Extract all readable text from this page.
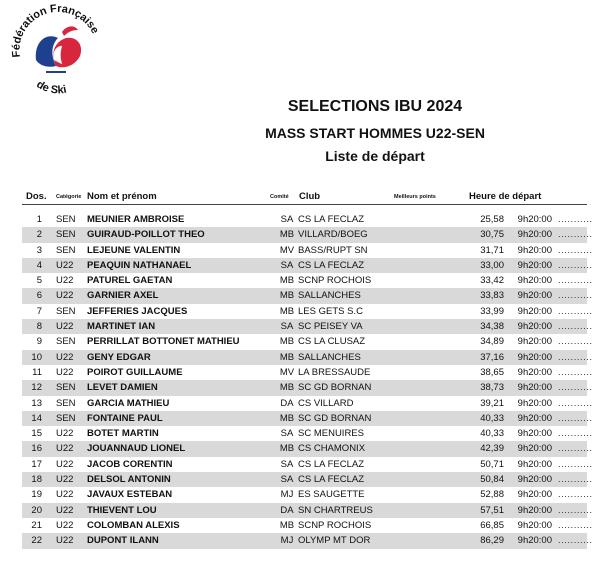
Fédération Française
de Ski
SELECTIONS IBU 2024
MASS START HOMMES U22-SEN
Liste de départ
Dos. Catégorie Nom et prénom	Comité Club	Meilleurs points	Heure de départ
1 SEN MEUNIER AMBROISE	SA CS LA FECLAZ	25,58	9h20:00 ...........
2 SEN GUIRAUD-POILLOT THEO	MB VILLARD/BOEG	30,75	9h20:00 ...........
3 SEN LEJEUNE VALENTIN	MV BASS/RUPT SN	31,71	9h20:00 ...........
4 U22 PEAQUIN NATHANAEL	SA CS LA FECLAZ	33,00	9h20:00 ...........
5 U22 PATUREL GAETAN	MB SCNP ROCHOIS	33,42	9h20:00 ...........
6 U22 GARNIER AXEL	MB SALLANCHES	33,83	9h20:00 ...........
7 SEN JEFFERIES JACQUES	MB LES GETS S.C	33,99	9h20:00 ...........
8 U22 MARTINET IAN	SA SC PEISEY VA	34,38	9h20:00 ...........
9 SEN PERRILLAT BOTTONET MATHIEU	MB CS LA CLUSAZ	34,89	9h20:00 ...........
10 U22 GENY EDGAR	MB SALLANCHES	37,16	9h20:00 ...........
11 U22 POIROT GUILLAUME	MV LA BRESSAUDE	38,65	9h20:00 ...........
12 SEN LEVET DAMIEN	MB SC GD BORNAN	38,73	9h20:00 ...........
13 SEN GARCIA MATHIEU	DA CS VILLARD	39,21	9h20:00 ...........
14 SEN FONTAINE PAUL	MB SC GD BORNAN	40,33	9h20:00 ...........
15 U22 BOTET MARTIN	SA SC MENUIRES	40,33	9h20:00 ...........
16 U22 JOUANNAUD LIONEL	MB CS CHAMONIX	42,39	9h20:00 ...........
17 U22 JACOB CORENTIN	SA CS LA FECLAZ	50,71	9h20:00 ...........
18 U22 DELSOL ANTONIN	SA CS LA FECLAZ	50,84	9h20:00 ...........
19 U22 JAVAUX ESTEBAN	MJ ES SAUGETTE	52,88	9h20:00 ...........
20 U22 THIEVENT LOU	DA SN CHARTREUS	57,51	9h20:00 ...........
21 U22 COLOMBAN ALEXIS	MB SCNP ROCHOIS	66,85	9h20:00 ...........
22 U22 DUPONT ILANN	MJ OLYMP MT DOR	86,29	9h20:00 ...........
